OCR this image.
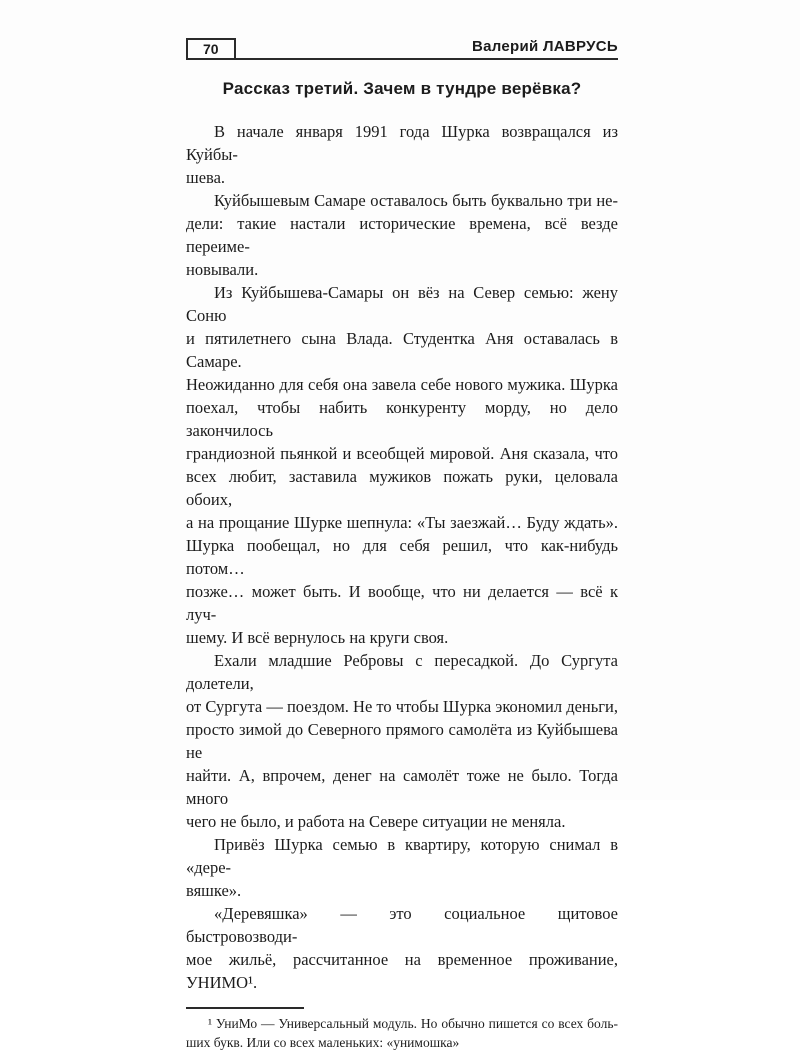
70	Валерий ЛАВРУСЬ
Рассказ третий. Зачем в тундре верёвка?
В начале января 1991 года Шурка возвращался из Куйбы-
шева.
Куйбышевым Самаре оставалось быть буквально три не-
дели: такие настали исторические времена, всё везде переиме-
новывали.
Из Куйбышева-Самары он вёз на Север семью: жену Соню
и пятилетнего сына Влада. Студентка Аня оставалась в Самаре.
Неожиданно для себя она завела себе нового мужика. Шурка
поехал, чтобы набить конкуренту морду, но дело закончилось
грандиозной пьянкой и всеобщей мировой. Аня сказала, что
всех любит, заставила мужиков пожать руки, целовала обоих,
а на прощание Шурке шепнула: «Ты заезжай… Буду ждать».
Шурка пообещал, но для себя решил, что как-нибудь потом…
позже… может быть. И вообще, что ни делается — всё к луч-
шему. И всё вернулось на круги своя.
Ехали младшие Ребровы с пересадкой. До Сургута долетели,
от Сургута — поездом. Не то чтобы Шурка экономил деньги,
просто зимой до Северного прямого самолёта из Куйбышева не
найти. А, впрочем, денег на самолёт тоже не было. Тогда много
чего не было, и работа на Севере ситуации не меняла.
Привёз Шурка семью в квартиру, которую снимал в «дере-
вяшке».
«Деревяшка» — это социальное щитовое быстровозводи-
мое жильё, рассчитанное на временное проживание, УНИМО¹.
¹ УниМо — Универсальный модуль. Но обычно пишется со всех боль-
ших букв. Или со всех маленьких: «унимошка»
